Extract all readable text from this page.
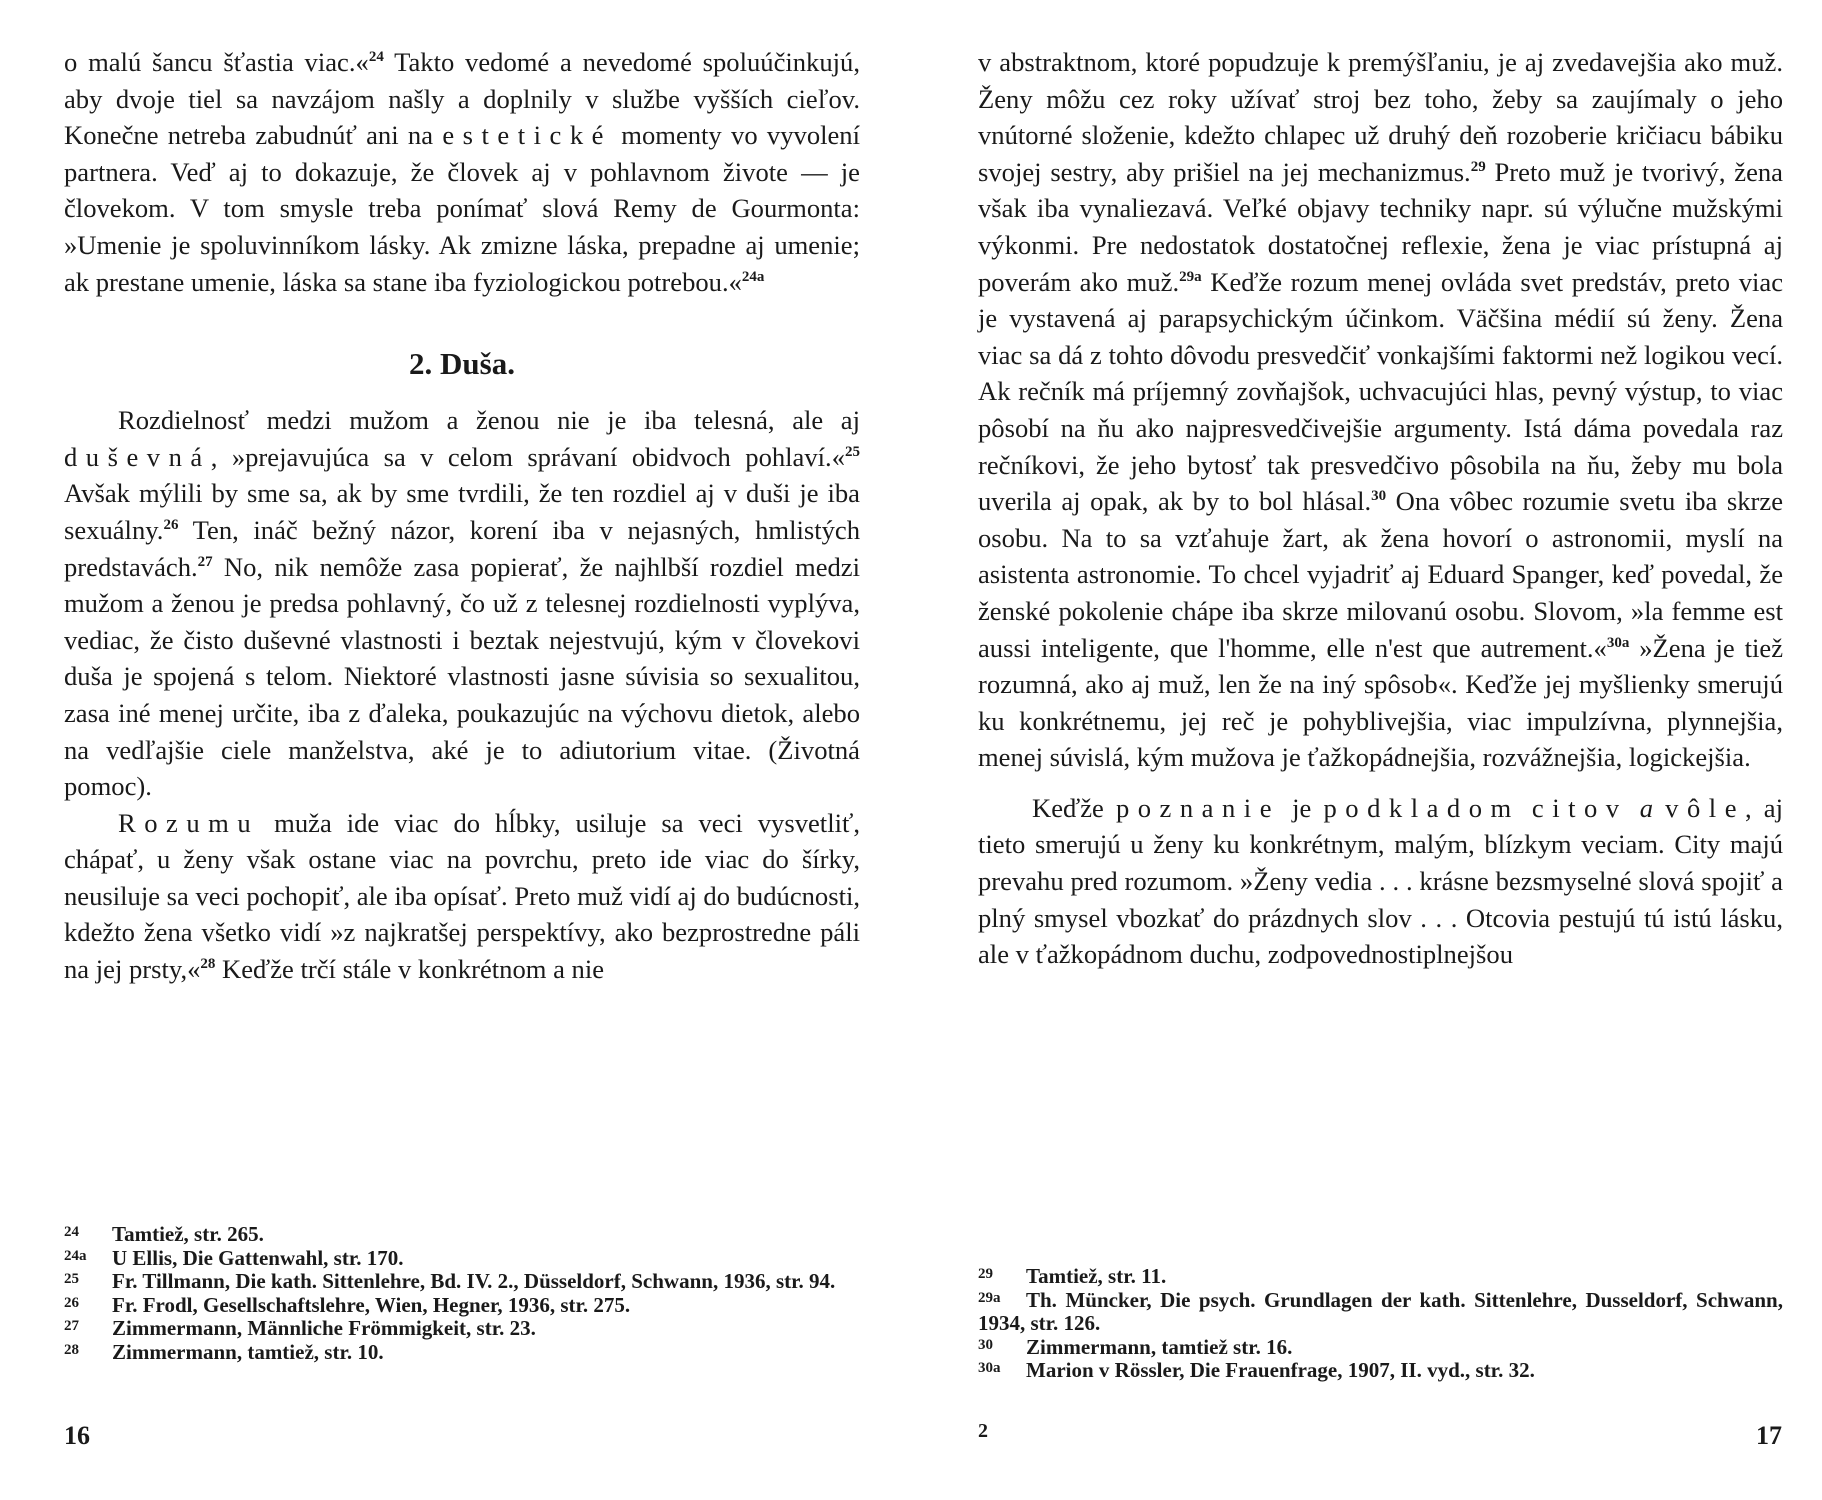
o malú šancu šťastia viac.«$^{24}$ Takto vedomé a nevedomé spoluúčinkujú, aby dvoje tiel sa navzájom našly a doplnily v službe vyšších cieľov. Konečne netreba zabudnúť ani na estetické momenty vo vyvolení partnera. Veď aj to dokazuje, že človek aj v pohlavnom živote — je človekom. V tom smysle treba ponímať slová Remy de Gourmonta: »Umenie je spoluvinníkom lásky. Ak zmizne láska, prepadne aj umenie; ak prestane umenie, láska sa stane iba fyziologickou potrebou.«$^{24a}$

2. Duša.

Rozdielnosť medzi mužom a ženou nie je iba telesná, ale aj duševná, »prejavujúca sa v celom správaní obidvoch pohlaví.«$^{25}$ Avšak mýlili by sme sa, ak by sme tvrdili, že ten rozdiel aj v duši je iba sexuálny.$^{26}$ Ten, ináč bežný názor, korení iba v nejasných, hmlistých predstavách.$^{27}$ No, nik nemôže zasa popierať, že najhlbší rozdiel medzi mužom a ženou je predsa pohlavný, čo už z telesnej rozdielnosti vyplýva, vediac, že čisto duševné vlastnosti i beztak nejestvujú, kým v človekovi duša je spojená s telom. Niektoré vlastnosti jasne súvisia so sexualitou, zasa iné menej určite, iba z ďaleka, poukazujúc na výchovu dietok, alebo na vedľajšie ciele manželstva, aké je to adiutorium vitae. (Životná pomoc).

Rozumu muža ide viac do hĺbky, usiluje sa veci vysvetliť, chápať, u ženy však ostane viac na povrchu, preto ide viac do šírky, neusiluje sa veci pochopiť, ale iba opísať. Preto muž vidí aj do budúcnosti, kdežto žena všetko vidí »z najkratšej perspektívy, ako bezprostredne páli na jej prsty,«$^{28}$ Keďže trčí stále v konkrétnom a nie

24 Tamtiež, str. 265.

24a U Ellis, Die Gattenwahl, str. 170.

25 Fr. Tillmann, Die kath. Sittenlehre, Bd. IV. 2., Düsseldorf, Schwann, 1936, str. 94.

26 Fr. Frodl, Gesellschaftslehre, Wien, Hegner, 1936, str. 275.

27 Zimmermann, Männliche Frömmigkeit, str. 23.

28 Zimmermann, tamtiež, str. 10.

16

v abstraktnom, ktoré popudzuje k premýšľaniu, je aj zvedavejšia ako muž. Ženy môžu cez roky užívať stroj bez toho, žeby sa zaujímaly o jeho vnútorné složenie, kdežto chlapec už druhý deň rozoberie kričiacu bábiku svojej sestry, aby prišiel na jej mechanizmus.$^{29}$ Preto muž je tvorivý, žena však iba vynaliezavá. Veľké objavy techniky napr. sú výlučne mužskými výkonmi. Pre nedostatok dostatočnej reflexie, žena je viac prístupná aj poverám ako muž.$^{29a}$ Keďže rozum menej ovláda svet predstáv, preto viac je vystavená aj parapsychickým účinkom. Väčšina médií sú ženy. Žena viac sa dá z tohto dôvodu presvedčiť vonkajšími faktormi než logikou vecí. Ak rečník má príjemný zovňajšok, uchvacujúci hlas, pevný výstup, to viac pôsobí na ňu ako najpresvedčivejšie argumenty. Istá dáma povedala raz rečníkovi, že jeho bytosť tak presvedčivo pôsobila na ňu, žeby mu bola uverila aj opak, ak by to bol hlásal.$^{30}$ Ona vôbec rozumie svetu iba skrze osobu. Na to sa vzťahuje žart, ak žena hovorí o astronomii, myslí na asistenta astronomie. To chcel vyjadriť aj Eduard Spanger, keď povedal, že ženské pokolenie chápe iba skrze milovanú osobu. Slovom, »la femme est aussi inteligente, que l'homme, elle n'est que autrement.«$^{30a}$ »Žena je tiež rozumná, ako aj muž, len že na iný spôsob«. Keďže jej myšlienky smerujú ku konkrétnemu, jej reč je pohyblivejšia, viac impulzívna, plynnejšia, menej súvislá, kým mužova je ťažkopádnejšia, rozvážnejšia, logickejšia.

Keďže poznanie je podkladom citov a vôle, aj tieto smerujú u ženy ku konkrétnym, malým, blízkym veciam. City majú prevahu pred rozumom. »Ženy vedia . . . krásne bezsmyselné slová spojiť a plný smysel vbozkať do prázdnych slov . . . Otcovia pestujú tú istú lásku, ale v ťažkopádnom duchu, zodpovednostiplnejšou

29 Tamtiež, str. 11.

29a Th. Müncker, Die psych. Grundlagen der kath. Sittenlehre, Dusseldorf, Schwann, 1934, str. 126.

30 Zimmermann, tamtiež str. 16.

30a Marion v Rössler, Die Frauenfrage, 1907, II. vyd., str. 32.

2	17
